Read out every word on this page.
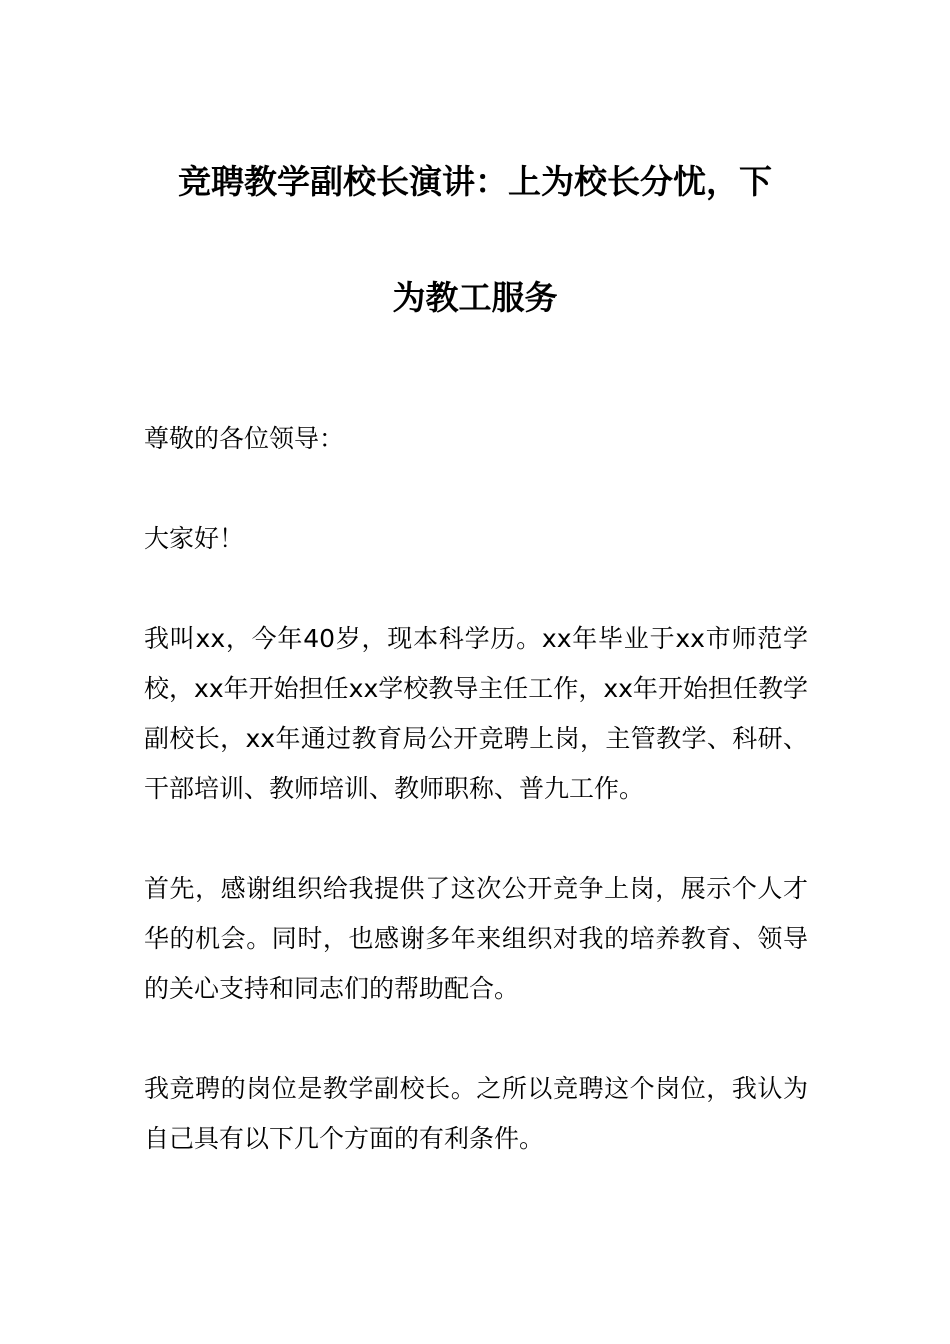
竞聘教学副校长演讲：上为校长分忧，下
为教工服务

尊敬的各位领导：

大家好！

我叫xx，今年40岁，现本科学历。xx年毕业于xx市师范学校，xx年开始担任xx学校教导主任工作，xx年开始担任教学副校长，xx年通过教育局公开竞聘上岗，主管教学、科研、干部培训、教师培训、教师职称、普九工作。

首先，感谢组织给我提供了这次公开竞争上岗，展示个人才华的机会。同时，也感谢多年来组织对我的培养教育、领导的关心支持和同志们的帮助配合。

我竞聘的岗位是教学副校长。之所以竞聘这个岗位，我认为自己具有以下几个方面的有利条件。
